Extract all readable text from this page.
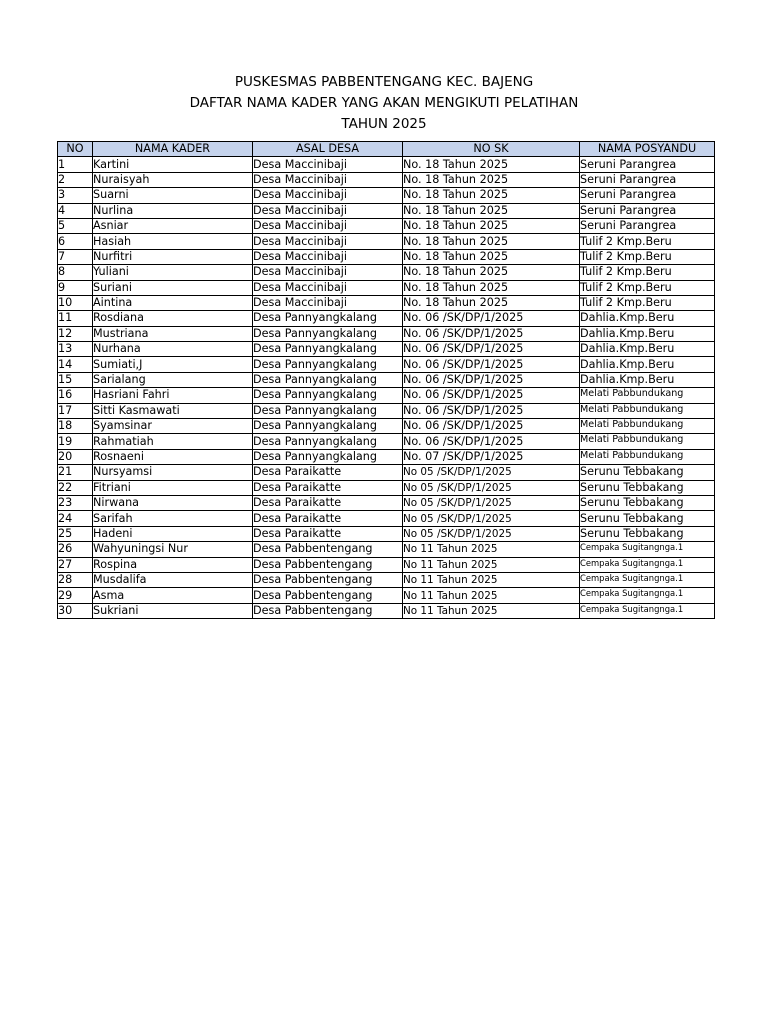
PUSKESMAS PABBENTENGANG KEC. BAJENG
DAFTAR NAMA KADER YANG AKAN MENGIKUTI PELATIHAN
TAHUN 2025
NO	NAMA KADER	ASAL DESA	NO SK	NAMA POSYANDU
1	Kartini	Desa Maccinibaji	No. 18 Tahun 2025	Seruni Parangrea
2	Nuraisyah	Desa Maccinibaji	No. 18 Tahun 2025	Seruni Parangrea
3	Suarni	Desa Maccinibaji	No. 18 Tahun 2025	Seruni Parangrea
4	Nurlina	Desa Maccinibaji	No. 18 Tahun 2025	Seruni Parangrea
5	Asniar	Desa Maccinibaji	No. 18 Tahun 2025	Seruni Parangrea
6	Hasiah	Desa Maccinibaji	No. 18 Tahun 2025	Tulif 2 Kmp.Beru
7	Nurfitri	Desa Maccinibaji	No. 18 Tahun 2025	Tulif 2 Kmp.Beru
8	Yuliani	Desa Maccinibaji	No. 18 Tahun 2025	Tulif 2 Kmp.Beru
9	Suriani	Desa Maccinibaji	No. 18 Tahun 2025	Tulif 2 Kmp.Beru
10	Aintina	Desa Maccinibaji	No. 18 Tahun 2025	Tulif 2 Kmp.Beru
11	Rosdiana	Desa Pannyangkalang	No. 06 /SK/DP/1/2025	Dahlia.Kmp.Beru
12	Mustriana	Desa Pannyangkalang	No. 06 /SK/DP/1/2025	Dahlia.Kmp.Beru
13	Nurhana	Desa Pannyangkalang	No. 06 /SK/DP/1/2025	Dahlia.Kmp.Beru
14	Sumiati,J	Desa Pannyangkalang	No. 06 /SK/DP/1/2025	Dahlia.Kmp.Beru
15	Sarialang	Desa Pannyangkalang	No. 06 /SK/DP/1/2025	Dahlia.Kmp.Beru
16	Hasriani Fahri	Desa Pannyangkalang	No. 06 /SK/DP/1/2025	Melati Pabbundukang
17	Sitti Kasmawati	Desa Pannyangkalang	No. 06 /SK/DP/1/2025	Melati Pabbundukang
18	Syamsinar	Desa Pannyangkalang	No. 06 /SK/DP/1/2025	Melati Pabbundukang
19	Rahmatiah	Desa Pannyangkalang	No. 06 /SK/DP/1/2025	Melati Pabbundukang
20	Rosnaeni	Desa Pannyangkalang	No. 07 /SK/DP/1/2025	Melati Pabbundukang
21	Nursyamsi	Desa Paraikatte	No 05 /SK/DP/1/2025	Serunu Tebbakang
22	Fitriani	Desa Paraikatte	No 05 /SK/DP/1/2025	Serunu Tebbakang
23	Nirwana	Desa Paraikatte	No 05 /SK/DP/1/2025	Serunu Tebbakang
24	Sarifah	Desa Paraikatte	No 05 /SK/DP/1/2025	Serunu Tebbakang
25	Hadeni	Desa Paraikatte	No 05 /SK/DP/1/2025	Serunu Tebbakang
26	Wahyuningsi Nur	Desa Pabbentengang	No 11 Tahun 2025	Cempaka Sugitangnga.1
27	Rospina	Desa Pabbentengang	No 11 Tahun 2025	Cempaka Sugitangnga.1
28	Musdalifa	Desa Pabbentengang	No 11 Tahun 2025	Cempaka Sugitangnga.1
29	Asma	Desa Pabbentengang	No 11 Tahun 2025	Cempaka Sugitangnga.1
30	Sukriani	Desa Pabbentengang	No 11 Tahun 2025	Cempaka Sugitangnga.1
